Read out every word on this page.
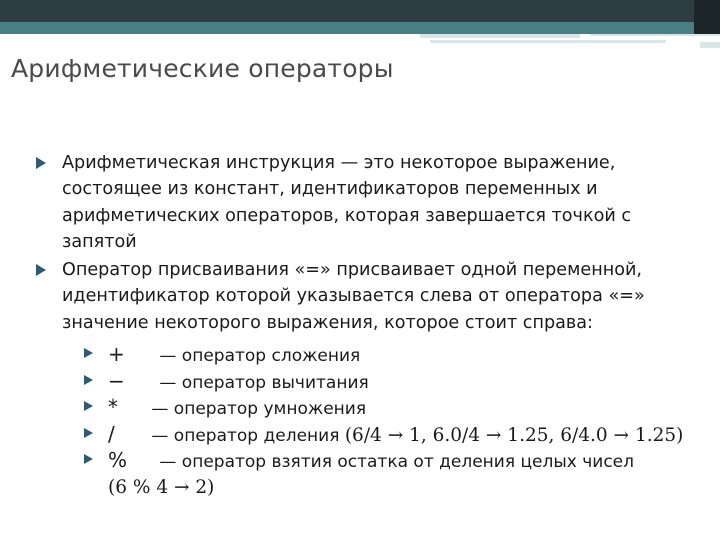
Арифметические операторы
Арифметическая инструкция — это некоторое выражение, состоящее из констант, идентификаторов переменных и арифметических операторов, которая завершается точкой с запятой
Оператор присваивания «=» присваивает одной переменной, идентификатор которой указывается слева от оператора «=» значение некоторого выражения, которое стоит справа:
+ — оператор сложения
− — оператор вычитания
* — оператор умножения
/ — оператор деления (6/4 → 1, 6.0/4 → 1.25, 6/4.0 → 1.25)
% — оператор взятия остатка от деления целых чисел
(6 % 4 → 2)
